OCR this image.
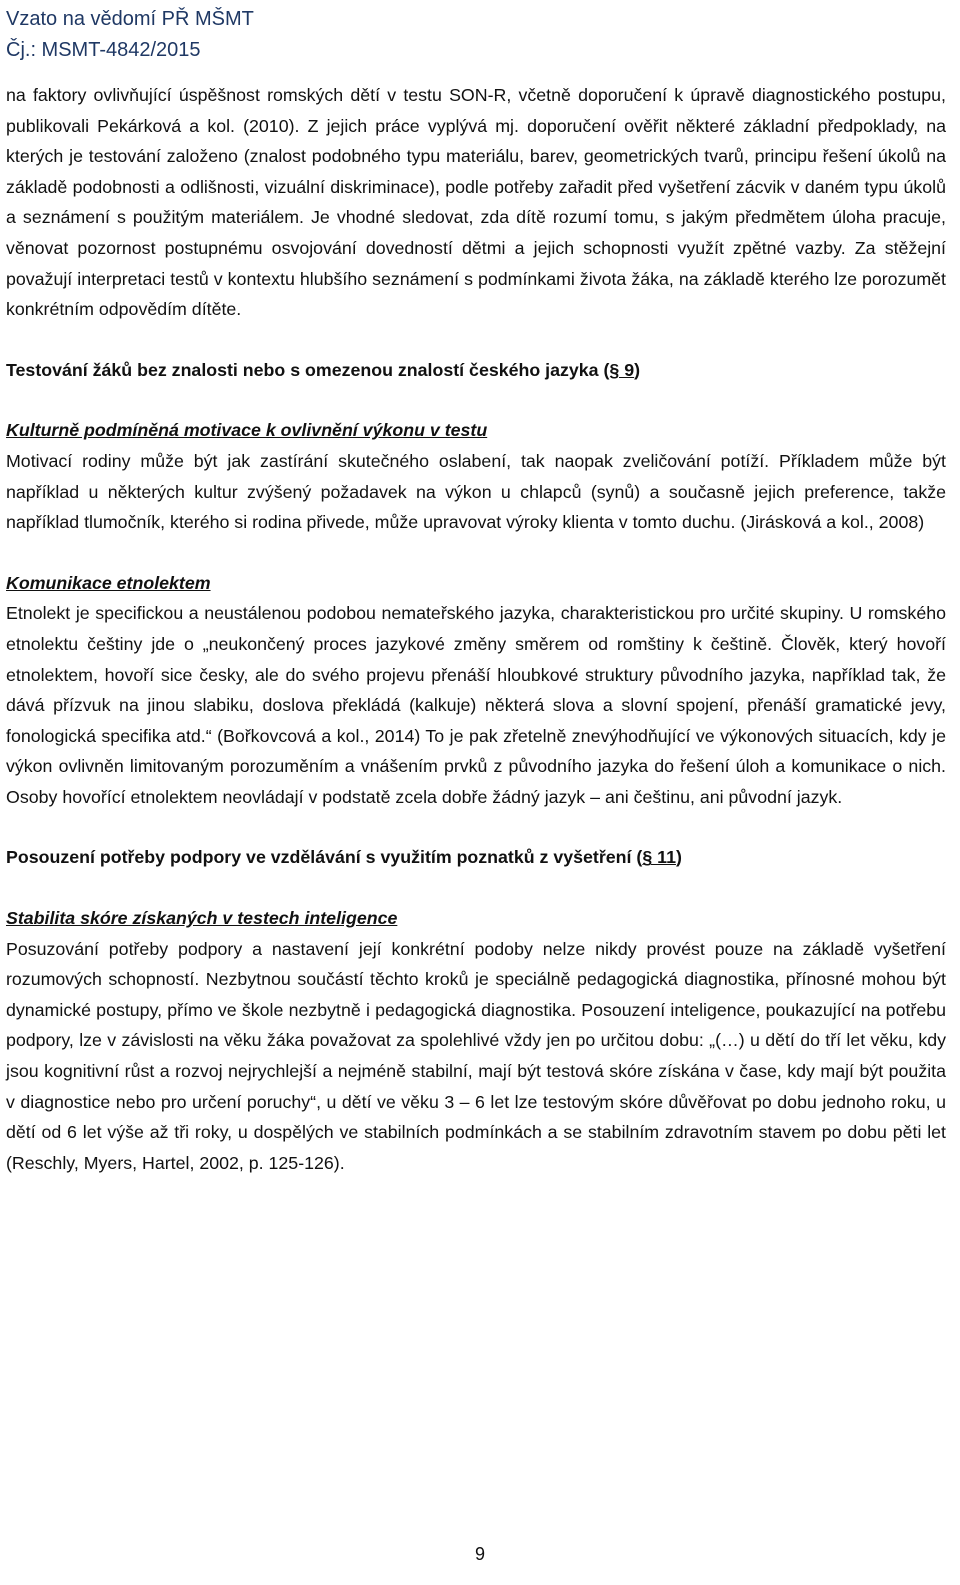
Vzato na vědomí PŘ MŠMT
Čj.: MSMT-4842/2015

na faktory ovlivňující úspěšnost romských dětí v testu SON-R, včetně doporučení k úpravě diagnostického postupu, publikovali Pekárková a kol. (2010). Z jejich práce vyplývá mj. doporučení ověřit některé základní předpoklady, na kterých je testování založeno (znalost podobného typu materiálu, barev, geometrických tvarů, principu řešení úkolů na základě podobnosti a odlišnosti, vizuální diskriminace), podle potřeby zařadit před vyšetření zácvik v daném typu úkolů a seznámení s použitým materiálem. Je vhodné sledovat, zda dítě rozumí tomu, s jakým předmětem úloha pracuje, věnovat pozornost postupnému osvojování dovedností dětmi a jejich schopnosti využít zpětné vazby. Za stěžejní považují interpretaci testů v kontextu hlubšího seznámení s podmínkami života žáka, na základě kterého lze porozumět konkrétním odpovědím dítěte.

Testování žáků bez znalosti nebo s omezenou znalostí českého jazyka (§ 9)

Kulturně podmíněná motivace k ovlivnění výkonu v testu

Motivací rodiny může být jak zastírání skutečného oslabení, tak naopak zveličování potíží. Příkladem může být například u některých kultur zvýšený požadavek na výkon u chlapců (synů) a současně jejich preference, takže například tlumočník, kterého si rodina přivede, může upravovat výroky klienta v tomto duchu. (Jirásková a kol., 2008)

Komunikace etnolektem

Etnolekt je specifickou a neustálenou podobou nemateřského jazyka, charakteristickou pro určité skupiny. U romského etnolektu češtiny jde o „neukončený proces jazykové změny směrem od romštiny k češtině. Člověk, který hovoří etnolektem, hovoří sice česky, ale do svého projevu přenáší hloubkové struktury původního jazyka, například tak, že dává přízvuk na jinou slabiku, doslova překládá (kalkuje) některá slova a slovní spojení, přenáší gramatické jevy, fonologická specifika atd.“ (Bořkovcová a kol., 2014) To je pak zřetelně znevýhodňující ve výkonových situacích, kdy je výkon ovlivněn limitovaným porozuměním a vnášením prvků z původního jazyka do řešení úloh a komunikace o nich. Osoby hovořící etnolektem neovládají v podstatě zcela dobře žádný jazyk – ani češtinu, ani původní jazyk.

Posouzení potřeby podpory ve vzdělávání s využitím poznatků z vyšetření (§ 11)

Stabilita skóre získaných v testech inteligence

Posuzování potřeby podpory a nastavení její konkrétní podoby nelze nikdy provést pouze na základě vyšetření rozumových schopností. Nezbytnou součástí těchto kroků je speciálně pedagogická diagnostika, přínosné mohou být dynamické postupy, přímo ve škole nezbytně i pedagogická diagnostika. Posouzení inteligence, poukazující na potřebu podpory, lze v závislosti na věku žáka považovat za spolehlivé vždy jen po určitou dobu: „(…) u dětí do tří let věku, kdy jsou kognitivní růst a rozvoj nejrychlejší a nejméně stabilní, mají být testová skóre získána v čase, kdy mají být použita v diagnostice nebo pro určení poruchy“, u dětí ve věku 3 – 6 let lze testovým skóre důvěřovat po dobu jednoho roku, u dětí od 6 let výše až tři roky, u dospělých ve stabilních podmínkách a se stabilním zdravotním stavem po dobu pěti let (Reschly, Myers, Hartel, 2002, p. 125-126).

9
